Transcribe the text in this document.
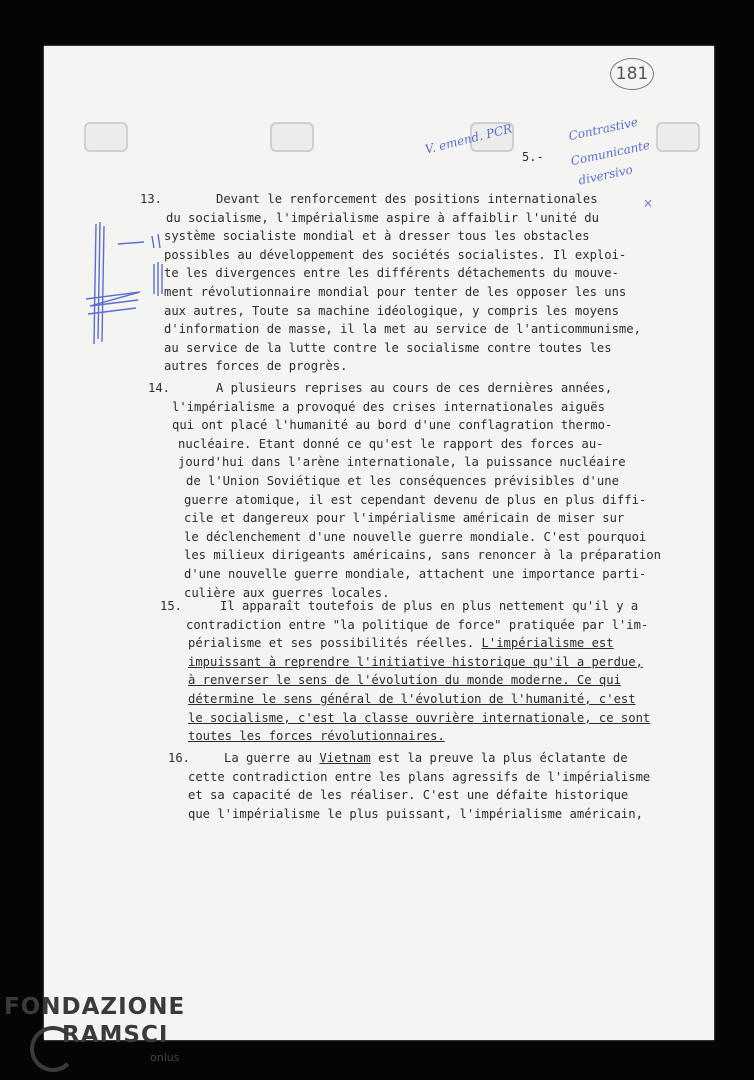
181
5.-
V. emend. PCR	Contrastive
Comunicante
diversivo
×
13.	Devant le renforcement des positions internationales
du socialisme, l'impérialisme aspire à affaiblir l'unité du
système socialiste mondial et à dresser tous les obstacles
possibles au développement des sociétés socialistes. Il exploi-
te les divergences entre les différents détachements du mouve-
ment révolutionnaire mondial pour tenter de les opposer les uns
aux autres, Toute sa machine idéologique, y compris les moyens
d'information de masse, il la met au service de l'anticommunisme,
au service de la lutte contre le socialisme contre toutes les
autres forces de progrès.
14.	A plusieurs reprises au cours de ces dernières années,
l'impérialisme a provoqué des crises internationales aiguës
qui ont placé l'humanité au bord d'une conflagration thermo-
nucléaire. Etant donné ce qu'est le rapport des forces au-
jourd'hui dans l'arène internationale, la puissance nucléaire
de l'Union Soviétique et les conséquences prévisibles d'une
guerre atomique, il est cependant devenu de plus en plus diffi-
cile et dangereux pour l'impérialisme américain de miser sur
le déclenchement d'une nouvelle guerre mondiale. C'est pourquoi
les milieux dirigeants américains, sans renoncer à la préparation
d'une nouvelle guerre mondiale, attachent une importance parti-
culière aux guerres locales.
15.	Il apparaît toutefois de plus en plus nettement qu'il y a
contradiction entre "la politique de force" pratiquée par l'im-
périalisme et ses possibilités réelles. L'impérialisme est
impuissant à reprendre l'initiative historique qu'il a perdue,
à renverser le sens de l'évolution du monde moderne. Ce qui
détermine le sens général de l'évolution de l'humanité, c'est
le socialisme, c'est la classe ouvrière internationale, ce sont
toutes les forces révolutionnaires.
16.	La guerre au Vietnam est la preuve la plus éclatante de
cette contradiction entre les plans agressifs de l'impérialisme
et sa capacité de les réaliser. C'est une défaite historique
que l'impérialisme le plus puissant, l'impérialisme américain,
FONDAZIONE
RAMSCI
onlus
